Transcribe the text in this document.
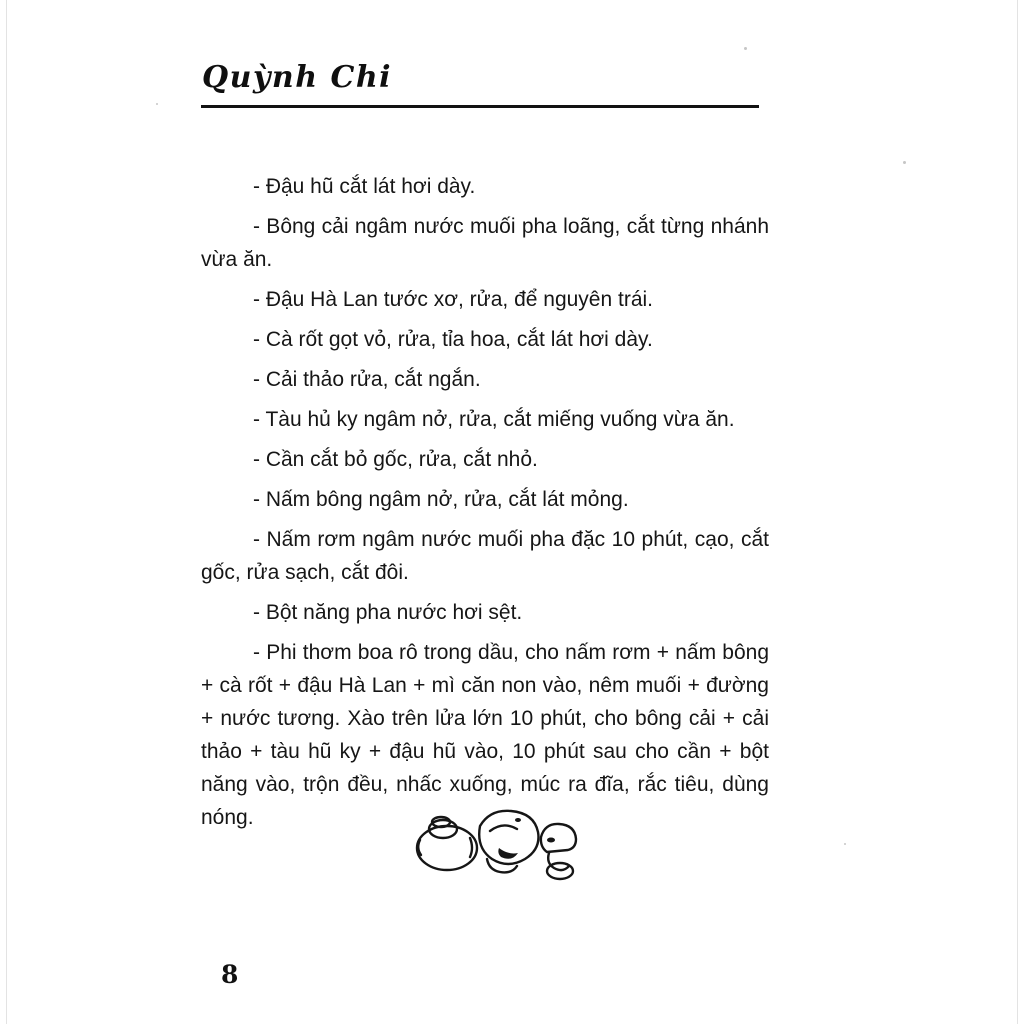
Quỳnh Chi

- Đậu hũ cắt lát hơi dày.

- Bông cải ngâm nước muối pha loãng, cắt từng nhánh vừa ăn.

- Đậu Hà Lan tước xơ, rửa, để nguyên trái.

- Cà rốt gọt vỏ, rửa, tỉa hoa, cắt lát hơi dày.

- Cải thảo rửa, cắt ngắn.

- Tàu hủ ky ngâm nở, rửa, cắt miếng vuống vừa ăn.

- Cần cắt bỏ gốc, rửa, cắt nhỏ.

- Nấm bông ngâm nở, rửa, cắt lát mỏng.

- Nấm rơm ngâm nước muối pha đặc 10 phút, cạo, cắt gốc, rửa sạch, cắt đôi.

- Bột năng pha nước hơi sệt.

- Phi thơm boa rô trong dầu, cho nấm rơm + nấm bông + cà rốt + đậu Hà Lan + mì căn non vào, nêm muối + đường + nước tương. Xào trên lửa lớn 10 phút, cho bông cải + cải thảo + tàu hũ ky + đậu hũ vào, 10 phút sau cho cần + bột năng vào, trộn đều, nhấc xuống, múc ra đĩa, rắc tiêu, dùng nóng.

8
